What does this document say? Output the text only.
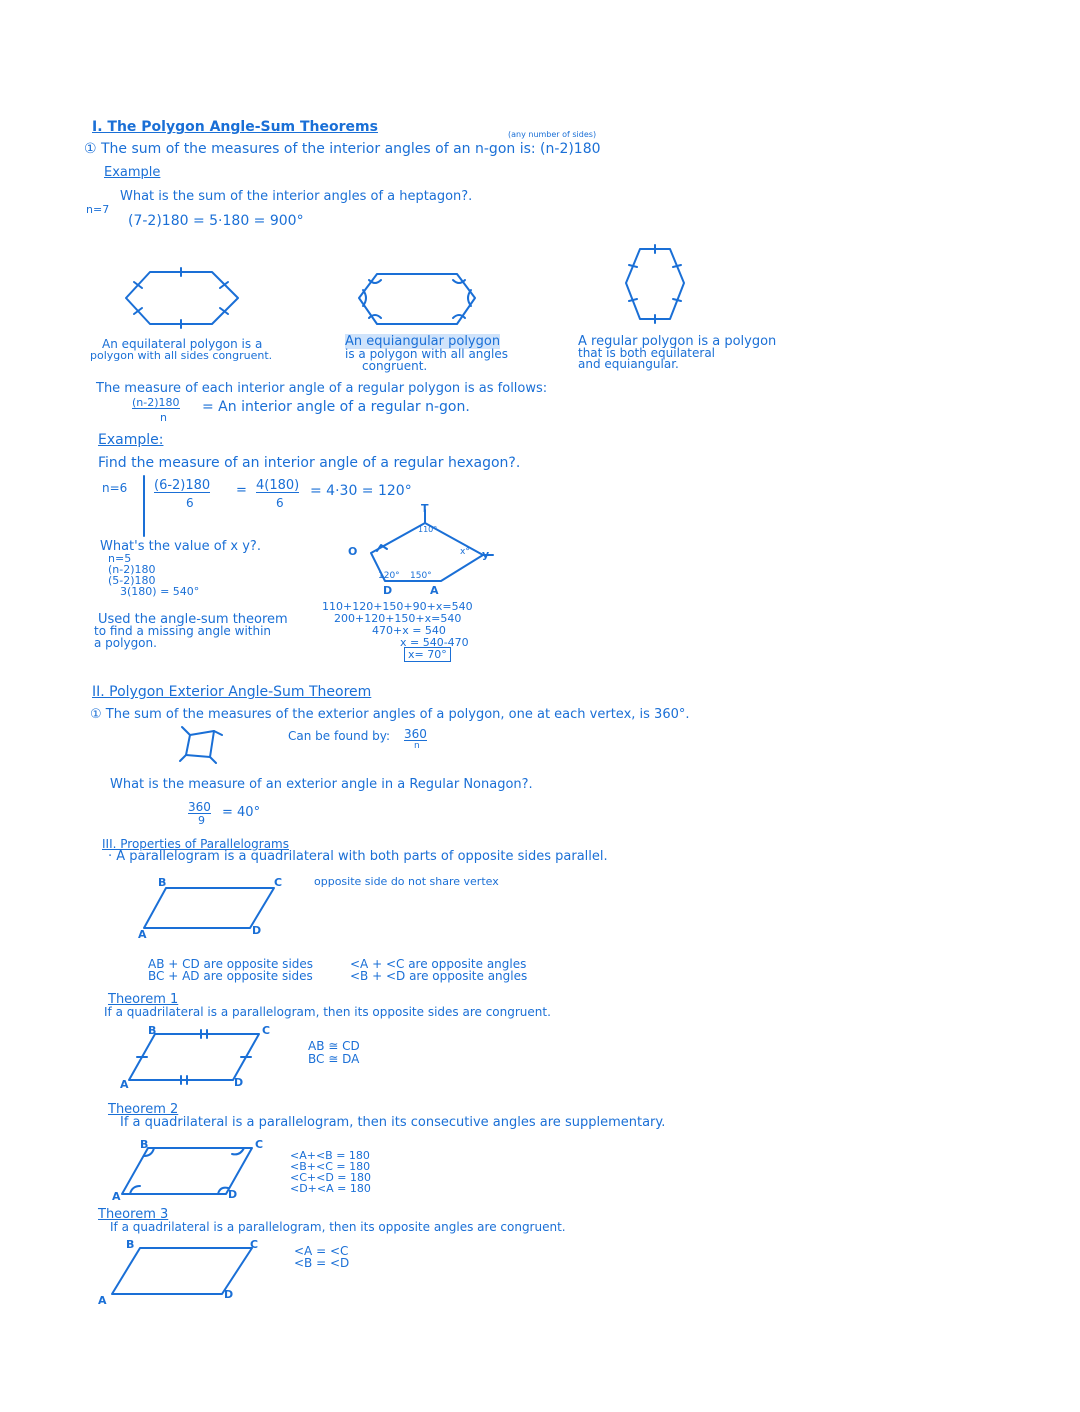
I. The Polygon Angle-Sum Theorems	(any number of sides)
① The sum of the measures of the interior angles of an n-gon is: (n-2)180
Example
n=7
What is the sum of the interior angles of a heptagon?.
(7-2)180 = 5·180 = 900°
An equilateral polygon is a
polygon with all sides congruent.
An equiangular polygon
is a polygon with all angles
congruent.
A regular polygon is a polygon
that is both equilateral
and equiangular.
The measure of each interior angle of a regular polygon is as follows:
(n-2)180
n
= An interior angle of a regular n-gon.
Example:
Find the measure of an interior angle of a regular hexagon?.
n=6 (6-2)180
6
= 4(180)
6
= 4·30 = 120°
What's the value of x y?.
n=5
(n-2)180
(5-2)180
3(180) = 540°
Used the angle-sum theorem
to find a missing angle within
a polygon.
T
O	y
D	A
110°
120° 150°
x°
110+120+150+90+x=540
200+120+150+x=540
470+x = 540
x = 540-470
x= 70°
II. Polygon Exterior Angle-Sum Theorem
① The sum of the measures of the exterior angles of a polygon, one at each vertex, is 360°.
Can be found by: 360
n
What is the measure of an exterior angle in a Regular Nonagon?.
360
9
= 40°
III. Properties of Parallelograms
· A parallelogram is a quadrilateral with both parts of opposite sides parallel.
opposite side do not share vertex
B	C
A	D
AB + CD are opposite sides
BC + AD are opposite sides
<A + <C are opposite angles
<B + <D are opposite angles
Theorem 1
If a quadrilateral is a parallelogram, then its opposite sides are congruent.
B	C
A	D
AB ≅ CD
BC ≅ DA
Theorem 2
If a quadrilateral is a parallelogram, then its consecutive angles are supplementary.
B	C
A	D
<A+<B = 180
<B+<C = 180
<C+<D = 180
<D+<A = 180
Theorem 3
If a quadrilateral is a parallelogram, then its opposite angles are congruent.
B	C
A	D
<A = <C
<B = <D
